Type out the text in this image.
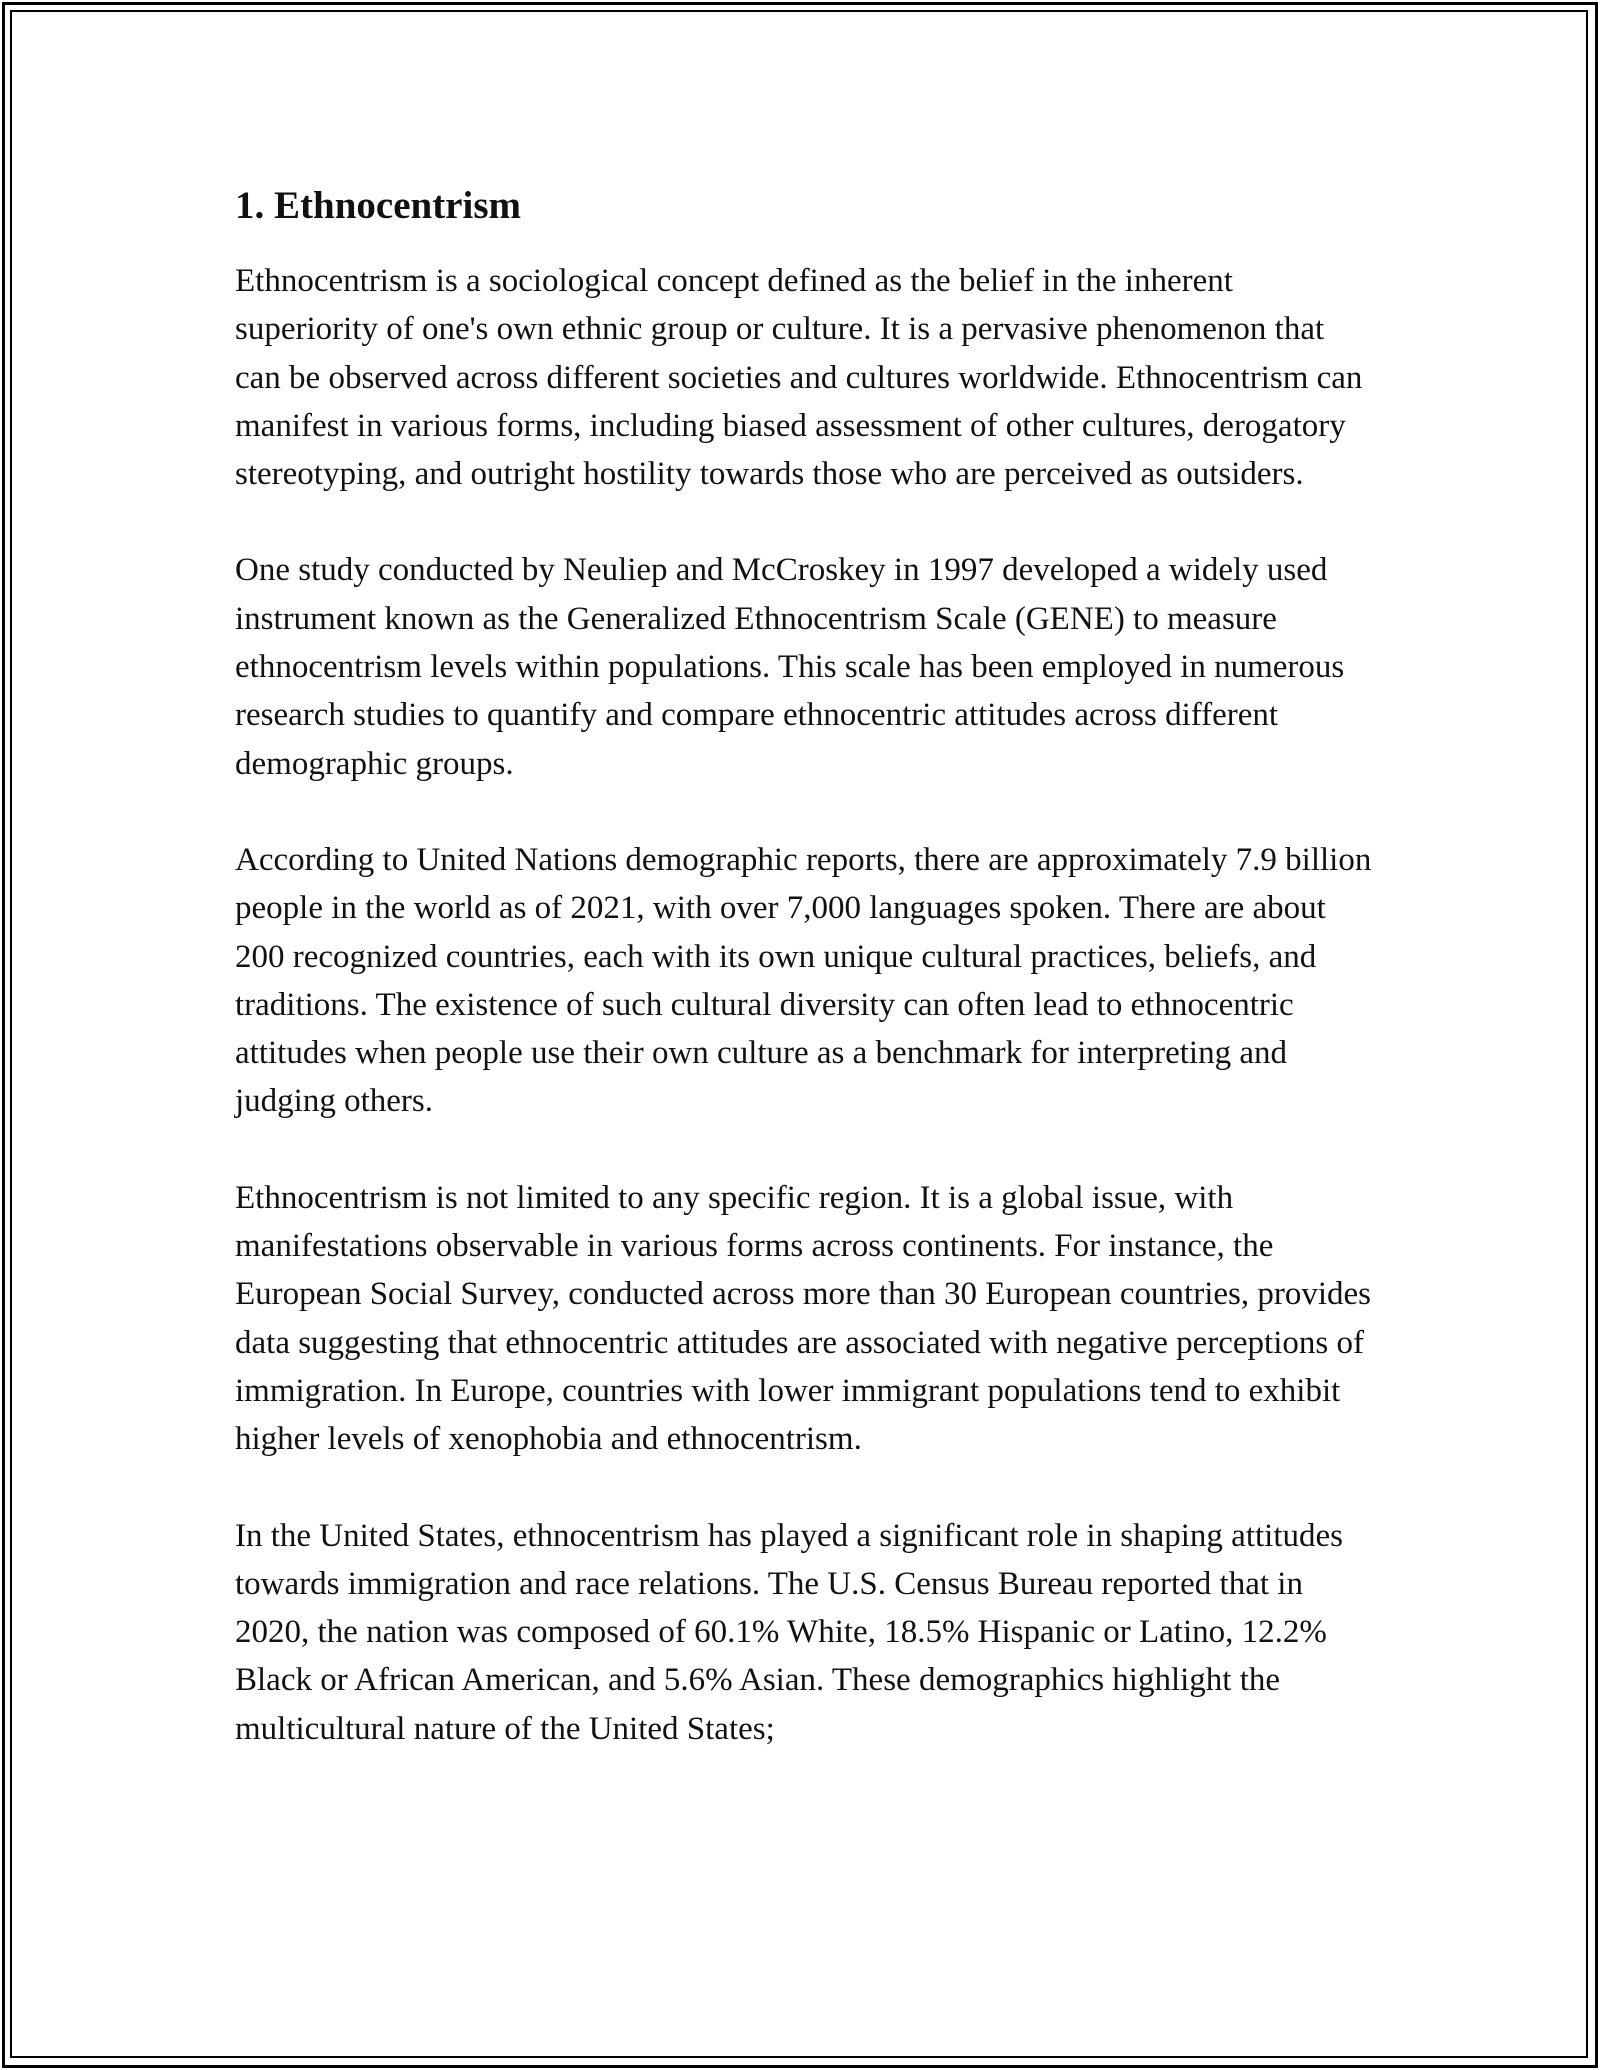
1. Ethnocentrism

Ethnocentrism is a sociological concept defined as the belief in the inherent superiority of one's own ethnic group or culture. It is a pervasive phenomenon that can be observed across different societies and cultures worldwide. Ethnocentrism can manifest in various forms, including biased assessment of other cultures, derogatory stereotyping, and outright hostility towards those who are perceived as outsiders.

One study conducted by Neuliep and McCroskey in 1997 developed a widely used instrument known as the Generalized Ethnocentrism Scale (GENE) to measure ethnocentrism levels within populations. This scale has been employed in numerous research studies to quantify and compare ethnocentric attitudes across different demographic groups.

According to United Nations demographic reports, there are approximately 7.9 billion people in the world as of 2021, with over 7,000 languages spoken. There are about 200 recognized countries, each with its own unique cultural practices, beliefs, and traditions. The existence of such cultural diversity can often lead to ethnocentric attitudes when people use their own culture as a benchmark for interpreting and judging others.

Ethnocentrism is not limited to any specific region. It is a global issue, with manifestations observable in various forms across continents. For instance, the European Social Survey, conducted across more than 30 European countries, provides data suggesting that ethnocentric attitudes are associated with negative perceptions of immigration. In Europe, countries with lower immigrant populations tend to exhibit higher levels of xenophobia and ethnocentrism.

In the United States, ethnocentrism has played a significant role in shaping attitudes towards immigration and race relations. The U.S. Census Bureau reported that in 2020, the nation was composed of 60.1% White, 18.5% Hispanic or Latino, 12.2% Black or African American, and 5.6% Asian. These demographics highlight the multicultural nature of the United States;
